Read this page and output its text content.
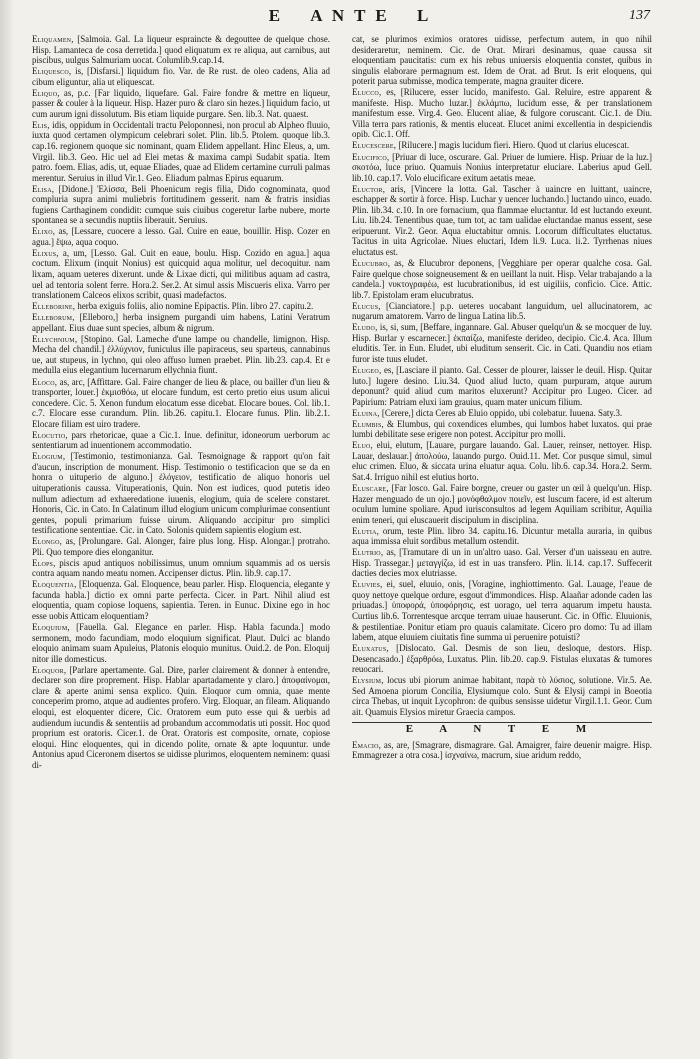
E A N T E L	137

Eliquamen, [Salmoia. Gal. La liqueur espraincte & degouttee de quelque chose. Hisp. Lamanteca de cosa derretida.] quod eliquatum ex re aliqua, aut carnibus, aut piscibus, uulgus Salmuriam uocat. Columlib.9.cap.14.

Eliquesco, is, [Disfarsi.] liquidum fio. Var. de Re rust. de oleo cadens, Alia ad cibum eliguntur, alia ut eliquescat.

Eliquo, as, p.c. [Far liquido, liquefare. Gal. Faire fondre & mettre en liqueur, passer & couler à la liqueur. Hisp. Hazer puro & claro sin hezes.] liquidum facio, ut cum aurum igni dissolutum. Bis etiam liquide purgare. Sen. lib.3. Nat. quaest.

Elis, idis, oppidum in Occidentali tractu Peloponnesi, non procul ab Alpheo fluuio, iuxta quod certamen olympicum celebrari solet. Plin. lib.5. Ptolem. quoque lib.3. cap.16. regionem quoque sic nominant, quam Elidem appellant. Hinc Eleus, a, um. Virgil. lib.3. Geo. Hic uel ad Elei metas & maxima campi Sudabit spatia. Item patro. foem. Elias, adis, ut, equae Eliades, quae ad Elidem certamine curruli palmas merentur. Seruius in illud Vir.1. Geo. Eliadum palmas Epirus equarum.

Elisa, [Didone.] Ἐλίσσα, Beli Phoenicum regis filia, Dido cognominata, quod compluria supra animi muliebris fortitudinem gesserit. nam & fratris insidias fugiens Carthaginem condidit: cumque suis ciuibus cogeretur Iarbe nubere, morte spontanea se a secundis nuptiis liberauit. Seruius.

Elixo, as, [Lessare, cuocere a lesso. Gal. Cuire en eaue, bouillir. Hisp. Cozer en agua.] ἕψω, aqua coquo.

Elixus, a, um, [Lesso. Gal. Cuit en eaue, boulu. Hisp. Cozido en agua.] aqua coctum. Elixum (inquit Nonius) est quicquid aqua molitur, uel decoquitur. nam lixam, aquam ueteres dixerunt. unde & Lixae dicti, qui militibus aquam ad castra, uel ad tentoria solent ferre. Hora.2. Ser.2. At simul assis Miscueris elixa. Varro per translationem Calceos elixos scribit, quasi madefactos.

Elleborine, herba exiguis foliis, alio nomine Epipactis. Plin. libro 27. capitu.2.

Elleborum, [Elleboro,] herba insignem purgandi uim habens, Latini Veratrum appellant. Eius duae sunt species, album & nigrum.

Ellychnium, [Stopino. Gal. Lameche d'une lampe ou chandelle, limignon. Hisp. Mecha del chandil.] ἐλλύχνιον, funiculus ille papiraceus, seu sparteus, cannabinus ue, aut stupeus, in lychno, qui oleo affuso lumen praebet. Plin. lib.23. cap.4. Et e medulla eius elegantium lucernarum ellychnia fiunt.

Eloco, as, arc, [Affittare. Gal. Faire changer de lieu & place, ou bailler d'un lieu & transporter, louer.] ἐκμισθόω, ut elocare fundum, est certo pretio eius usum alicui concedere. Cic. 5. Xenon fundum elocatum esse dicebat. Elocare boues. Col. lib.1. c.7. Elocare esse curandum. Plin. lib.26. capitu.1. Elocare funus. Plin. lib.2.1. Elocare filiam est uiro tradere.

Elocutio, pars rhetoricae, quae a Cic.1. Inue. definitur, idoneorum uerborum ac sententiarum ad inuentionem accommodatio.

Elogium, [Testimonio, testimonianza. Gal. Tesmoignage & rapport qu'on fait d'aucun, inscription de monument. Hisp. Testimonio o testificacion que se da en honra o uituperio de alguno.] ἐλόγειον, testificatio de aliquo honoris uel uituperationis caussa. Vituperationis, Quin. Non est iudices, quod putetis ideo nullum adiectum ad exhaeredatione iuuenis, elogium, quia de scelere constaret. Honoris, Cic. in Cato. In Calatinum illud elogium unicum complurimae consentiunt gentes, populi primarium fuisse uirum. Aliquando accipitur pro simplici testificatione sententiae. Cic. in Cato. Solonis quidem sapientis elogium est.

Elongo, as, [Prolungare. Gal. Alonger, faire plus long. Hisp. Alongar.] protraho. Pli. Quo tempore dies elonganitur.

Elops, piscis apud antiquos nobilissimus, unum omnium squammis ad os uersis contra aquam nando meatu nomen. Accipenser dictus. Plin. lib.9. cap.17.

Eloquentia, [Eloquenza. Gal. Eloquence, beau parler. Hisp. Eloquencia, elegante y facunda habla.] dictio ex omni parte perfecta. Cicer. in Part. Nihil aliud est eloquentia, quam copiose loquens, sapientia. Teren. in Eunuc. Dixine ego in hoc esse uobis Atticam eloquentiam?

Eloquium, [Fauella. Gal. Elegance en parler. Hisp. Habla facunda.] modo sermonem, modo facundiam, modo eloquium significat. Plaut. Dulci ac blando eloquio animam suam Apuleius, Platonis eloquio munitus. Ouid.2. de Pon. Eloquij nitor ille domesticus.

Eloquor, [Parlare apertamente. Gal. Dire, parler clairement & donner à entendre, declarer son dire proprement. Hisp. Hablar apartadamente y claro.] ἀποφαίνομαι, clare & aperte animi sensa explico. Quin. Eloquor cum omnia, quae mente conceperim promo, atque ad audientes profero. Virg. Eloquar, an fileam. Aliquando eloqui, est eloquenter dicere, Cic. Oratorem eum puto esse qui & uerbis ad audiendum iucundis & sententiis ad probandum accommodatis uti possit. Hoc quod proprium est oratoris. Cicer.1. de Orat. Oratoris est composite, ornate, copiose eloqui. Hinc eloquentes, qui in dicendo polite, ornate & apte loquuntur. unde Antonius apud Ciceronem disertos se uidisse plurimos, eloquentem neminem: quasi di-

cat, se plurimos eximios oratores uidisse, perfectum autem, in quo nihil desideraretur, neminem. Cic. de Orat. Mirari desinamus, quae caussa sit eloquentiam paucitatis: cum ex his rebus uniuersis eloquentia constet, quibus in singulis elaborare permagnum est. Idem de Orat. ad Brut. Is erit eloquens, qui poterit parua submisse, modica temperate, magna grauiter dicere.

Elucco, es, [Rilucere, esser lucido, manifesto. Gal. Reluire, estre apparent & manifeste. Hisp. Mucho luzar.] ἐκλάμπω, lucidum esse, & per translationem manifestum esse. Virg.4. Geo. Elucent aliae, & fulgore coruscant. Cic.1. de Diu. Villa terra pars rationis, & mentis eluceat. Elucet animi excellentia in despiciendis opib. Cic.1. Off.

Elucescere, [Rilucere.] magis lucidum fieri. Hiero. Quod ut clarius elucescat.

Elucifico, [Priuar di luce, oscurare. Gal. Priuer de lumiere. Hisp. Priuar de la luz.] σκοτόω, luce priuo. Quamuis Nonius interpretatur eluciare. Laberius apud Gell. lib.10. cap.17. Volo elucificare exitum aetatis meae.

Eluctor, aris, [Vincere la lotta. Gal. Tascher à uaincre en luittant, uaincre, eschapper & sortir à force. Hisp. Luchar y uencer luchando.] luctando uinco, euado. Plin. lib.34. c.10. In ore fornacium, qua flammae eluctantur. Id est luctando exeunt. Liu. lib.24. Tenentibus quae, tum tot, ac tam ualidae eluctandae manus essent, sese eripuerunt. Vir.2. Geor. Aqua eluctabitur omnis. Locorum difficultates eluctatus. Tacitus in uita Agricolae. Niues eluctari, Idem li.9. Luca. li.2. Tyrrhenas niues eluctatus est.

Elucubro, as, & Elucubror deponens, [Vegghiare per operar qualche cosa. Gal. Faire quelque chose soigneusement & en ueillant la nuit. Hisp. Velar trabajando a la candela.] νυκτογραφέω, est lucubrationibus, id est uigiliis, conficio. Cice. Attic. lib.7. Epistolam eram elucubratus.

Elucus, [Cianciatore.] p.p. ueteres uocabant languidum, uel allucinatorem, ac nugarum amatorem. Varro de lingua Latina lib.5.

Eludo, is, si, sum, [Beffare, ingannare. Gal. Abuser quelqu'un & se mocquer de luy. Hisp. Burlar y escarnecer.] ἐκπαίζω, manifeste derideo, decipio. Cic.4. Aca. Illum eluditis. Ter. in Eun. Eludet, ubi eluditum senserit. Cic. in Cati. Quandiu nos etiam furor iste tuus eludet.

Elugeo, es, [Lasciare il pianto. Gal. Cesser de plourer, laisser le deuil. Hisp. Quitar luto.] lugere desino. Liu.34. Quod aliud lucto, quam purpuram, atque aurum deponunt? quid aliud cum maritos eluxerunt? Accipitur pro Lugeo. Cicer. ad Papirium: Patriam eluxi iam grauius, quam mater unicum filium.

Eluina, [Cerere,] dicta Ceres ab Eluio oppido, ubi colebatur. Iuuena. Saty.3.

Elumbis, & Elumbus, qui coxendices elumbes, qui lumbos habet luxatos. qui prae lumbi debilitate sese erigere non potest. Accipitur pro molli.

Eluo, elui, elutum, [Lauare, purgare lauando. Gal. Lauer, reinser, nettoyer. Hisp. Lauar, deslauar.] ἀπολούω, lauando purgo. Ouid.11. Met. Cor pusque simul, simul eluc crimen. Eluo, & siccata urina eluatur aqua. Colu. lib.6. cap.34. Hora.2. Serm. Sat.4. Irriguo nihil est elutius horto.

Eluscare, [Far losco. Gal. Faire borgne, creuer ou gaster un œil à quelqu'un. Hisp. Hazer menguado de un ojo.] μονόφθαλμον ποιεῖν, est luscum facere, id est alterum oculum lumine spoliare. Apud iurisconsultos ad legem Aquiliam scribitur, Aquilia enim teneri, qui eluscauerit discipulum in disciplina.

Elutia, orum, teste Plin. libro 34. capitu.16. Dicuntur metalla auraria, in quibus aqua immissa eluit sordibus metallum ostendit.

Elutrio, as, [Tramutare di un in un'altro uaso. Gal. Verser d'un uaisseau en autre. Hisp. Trassegar.] μεταγγίζω, id est in uas transfero. Plin. li.14. cap.17. Suffecerit dacties decies mox elutriasse.

Eluvies, ei, suel, eluuio, onis, [Voragine, inghiottimento. Gal. Lauage, l'eaue de quoy nettoye quelque ordure, esgout d'immondices. Hisp. Alaañar adonde caden las priuadas.] ὑποφορά, ὑποφόρησις, est uorago, uel terra aquarum impetu hausta. Curtius lib.6. Torrentesque arcque terram uiuae hauserunt. Cic. in Offic. Eluuionis, & pestilentiae. Ponitur etiam pro quauis calamitate. Cicero pro domo: Tu ad illam labem, atque eluuiem ciuitatis fine summa ui peruenire potuisti?

Eluxatus, [Dislocato. Gal. Desmis de son lieu, desloque, destors. Hisp. Desencasado.] ἐξαρθρόω, Luxatus. Plin. lib.20. cap.9. Fistulas eluxatas & tumores reuocari.

Elysium, locus ubi piorum animae habitant, παρὰ τὸ λύσιος, solutione. Vir.5. Ae. Sed Amoena piorum Concilia, Elysiumque colo. Sunt & Elysij campi in Boeotia circa Thebas, ut inquit Lycophron: de quibus sensisse uidetur Virgil.1.1. Geor. Cum ait. Quamuis Elysios miretur Graecia campos.

E A N T E M

Emacio, as, are, [Smagrare, dismagrare. Gal. Amaigrer, faire deuenir maigre. Hisp. Emmagrezer a otra cosa.] ἰσχναίνω, macrum, siue aridum reddo,
